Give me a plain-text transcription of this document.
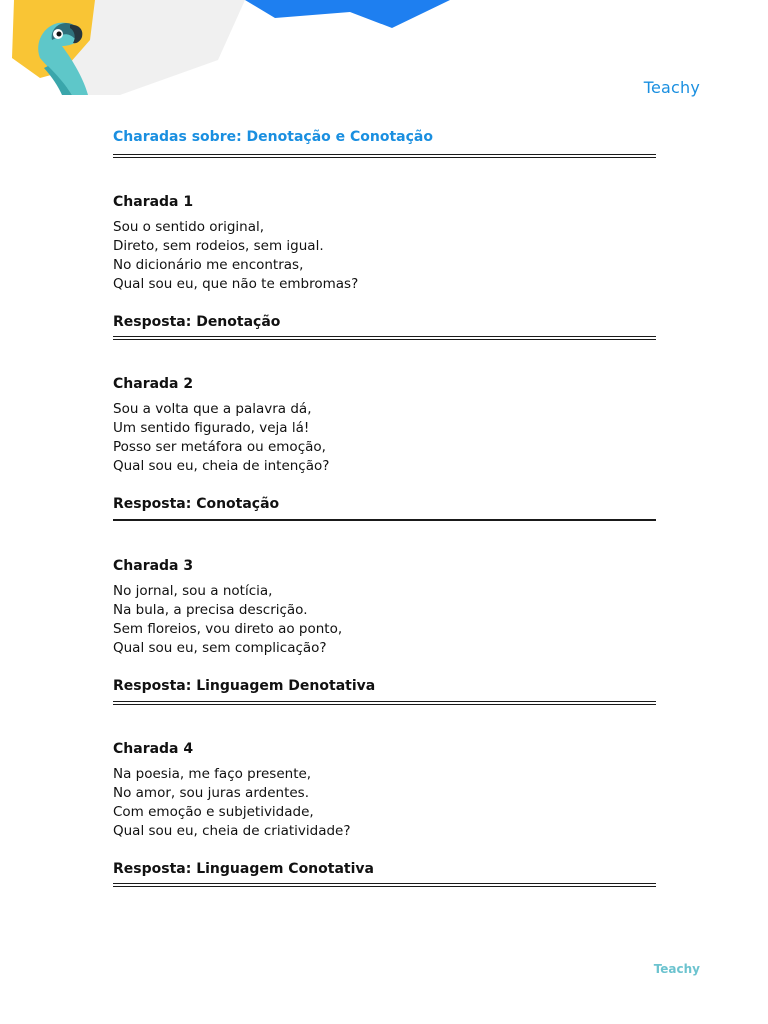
Teachy
Charadas sobre: Denotação e Conotação
Charada 1
Sou o sentido original,
Direto, sem rodeios, sem igual.
No dicionário me encontras,
Qual sou eu, que não te embromas?

Resposta: Denotação

Charada 2
Sou a volta que a palavra dá,
Um sentido figurado, veja lá!
Posso ser metáfora ou emoção,
Qual sou eu, cheia de intenção?

Resposta: Conotação

Charada 3
No jornal, sou a notícia,
Na bula, a precisa descrição.
Sem floreios, vou direto ao ponto,
Qual sou eu, sem complicação?

Resposta: Linguagem Denotativa

Charada 4
Na poesia, me faço presente,
No amor, sou juras ardentes.
Com emoção e subjetividade,
Qual sou eu, cheia de criatividade?

Resposta: Linguagem Conotativa

Teachy
